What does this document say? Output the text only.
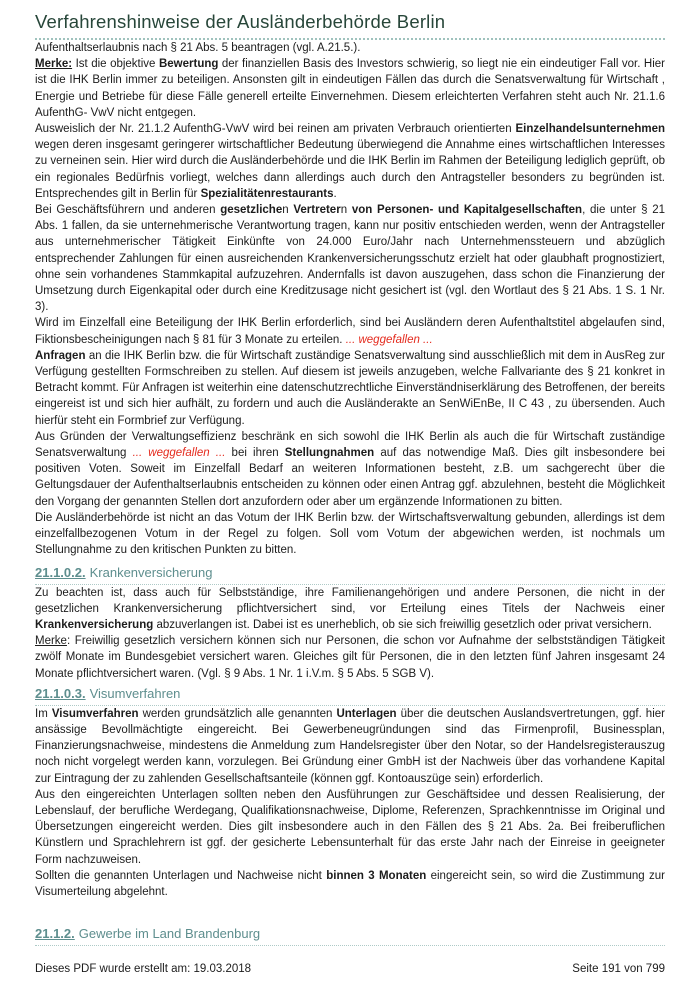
Verfahrenshinweise der Ausländerbehörde Berlin

Aufenthaltserlaubnis nach § 21 Abs. 5 beantragen (vgl. A.21.5.).

Merke: Ist die objektive Bewertung der finanziellen Basis des Investors schwierig, so liegt nie ein eindeutiger Fall vor. Hier ist die IHK Berlin immer zu beteiligen. Ansonsten gilt in eindeutigen Fällen das durch die Senatsverwaltung für Wirtschaft , Energie und Betriebe für diese Fälle generell erteilte Einvernehmen. Diesem erleichterten Verfahren steht auch Nr. 21.1.6 AufenthG- VwV nicht entgegen.

Ausweislich der Nr. 21.1.2 AufenthG-VwV wird bei reinen am privaten Verbrauch orientierten Einzelhandelsunternehmen wegen deren insgesamt geringerer wirtschaftlicher Bedeutung überwiegend die Annahme eines wirtschaftlichen Interesses zu verneinen sein. Hier wird durch die Ausländerbehörde und die IHK Berlin im Rahmen der Beteiligung lediglich geprüft, ob ein regionales Bedürfnis vorliegt, welches dann allerdings auch durch den Antragsteller besonders zu begründen ist. Entsprechendes gilt in Berlin für Spezialitätenrestaurants.

Bei Geschäftsführern und anderen gesetzlichen Vertretern von Personen- und Kapitalgesellschaften, die unter § 21 Abs. 1 fallen, da sie unternehmerische Verantwortung tragen, kann nur positiv entschieden werden, wenn der Antragsteller aus unternehmerischer Tätigkeit Einkünfte von 24.000 Euro/Jahr nach Unternehmenssteuern und abzüglich entsprechender Zahlungen für einen ausreichenden Krankenversicherungsschutz erzielt hat oder glaubhaft prognostiziert, ohne sein vorhandenes Stammkapital aufzuzehren. Andernfalls ist davon auszugehen, dass schon die Finanzierung der Umsetzung durch Eigenkapital oder durch eine Kreditzusage nicht gesichert ist (vgl. den Wortlaut des § 21 Abs. 1 S. 1 Nr. 3).

Wird im Einzelfall eine Beteiligung der IHK Berlin erforderlich, sind bei Ausländern deren Aufenthaltstitel abgelaufen sind, Fiktionsbescheinigungen nach § 81 für 3 Monate zu erteilen. ... weggefallen ...
Anfragen an die IHK Berlin bzw. die für Wirtschaft zuständige Senatsverwaltung sind ausschließlich mit dem in AusReg zur Verfügung gestellten Formschreiben zu stellen. Auf diesem ist jeweils anzugeben, welche Fallvariante des § 21 konkret in Betracht kommt. Für Anfragen ist weiterhin eine datenschutzrechtliche Einverständniserklärung des Betroffenen, der bereits eingereist ist und sich hier aufhält, zu fordern und auch die Ausländerakte an SenWiEnBe, II C 43 , zu übersenden. Auch hierfür steht ein Formbrief zur Verfügung.

Aus Gründen der Verwaltungseffizienz beschränk en sich sowohl die IHK Berlin als auch die für Wirtschaft zuständige Senatsverwaltung ... weggefallen ... bei ihren Stellungnahmen auf das notwendige Maß. Dies gilt insbesondere bei positiven Voten. Soweit im Einzelfall Bedarf an weiteren Informationen besteht, z.B. um sachgerecht über die Geltungsdauer der Aufenthaltserlaubnis entscheiden zu können oder einen Antrag ggf. abzulehnen, besteht die Möglichkeit den Vorgang der genannten Stellen dort anzufordern oder aber um ergänzende Informationen zu bitten.
Die Ausländerbehörde ist nicht an das Votum der IHK Berlin bzw. der Wirtschaftsverwaltung gebunden, allerdings ist dem einzelfallbezogenen Votum in der Regel zu folgen. Soll vom Votum der abgewichen werden, ist nochmals um Stellungnahme zu den kritischen Punkten zu bitten.

21.1.0.2. Krankenversicherung

Zu beachten ist, dass auch für Selbstständige, ihre Familienangehörigen und andere Personen, die nicht in der gesetzlichen Krankenversicherung pflichtversichert sind, vor Erteilung eines Titels der Nachweis einer Krankenversicherung abzuverlangen ist. Dabei ist es unerheblich, ob sie sich freiwillig gesetzlich oder privat versichern.
Merke: Freiwillig gesetzlich versichern können sich nur Personen, die schon vor Aufnahme der selbstständigen Tätigkeit zwölf Monate im Bundesgebiet versichert waren. Gleiches gilt für Personen, die in den letzten fünf Jahren insgesamt 24 Monate pflichtversichert waren. (Vgl. § 9 Abs. 1 Nr. 1 i.V.m. § 5 Abs. 5 SGB V).

21.1.0.3. Visumverfahren

Im Visumverfahren werden grundsätzlich alle genannten Unterlagen über die deutschen Auslandsvertretungen, ggf. hier ansässige Bevollmächtigte eingereicht. Bei Gewerbeneugründungen sind das Firmenprofil, Businessplan, Finanzierungsnachweise, mindestens die Anmeldung zum Handelsregister über den Notar, so der Handelsregisterauszug noch nicht vorgelegt werden kann, vorzulegen. Bei Gründung einer GmbH ist der Nachweis über das vorhandene Kapital zur Eintragung der zu zahlenden Gesellschaftsanteile (können ggf. Kontoauszüge sein) erforderlich.
Aus den eingereichten Unterlagen sollten neben den Ausführungen zur Geschäftsidee und dessen Realisierung, der Lebenslauf, der berufliche Werdegang, Qualifikationsnachweise, Diplome, Referenzen, Sprachkenntnisse im Original und Übersetzungen eingereicht werden. Dies gilt insbesondere auch in den Fällen des § 21 Abs. 2a. Bei freiberuflichen Künstlern und Sprachlehrern ist ggf. der gesicherte Lebensunterhalt für das erste Jahr nach der Einreise in geeigneter Form nachzuweisen.
Sollten die genannten Unterlagen und Nachweise nicht binnen 3 Monaten eingereicht sein, so wird die Zustimmung zur Visumerteilung abgelehnt.

21.1.2. Gewerbe im Land Brandenburg
Dieses PDF wurde erstellt am: 19.03.2018	Seite 191 von 799
